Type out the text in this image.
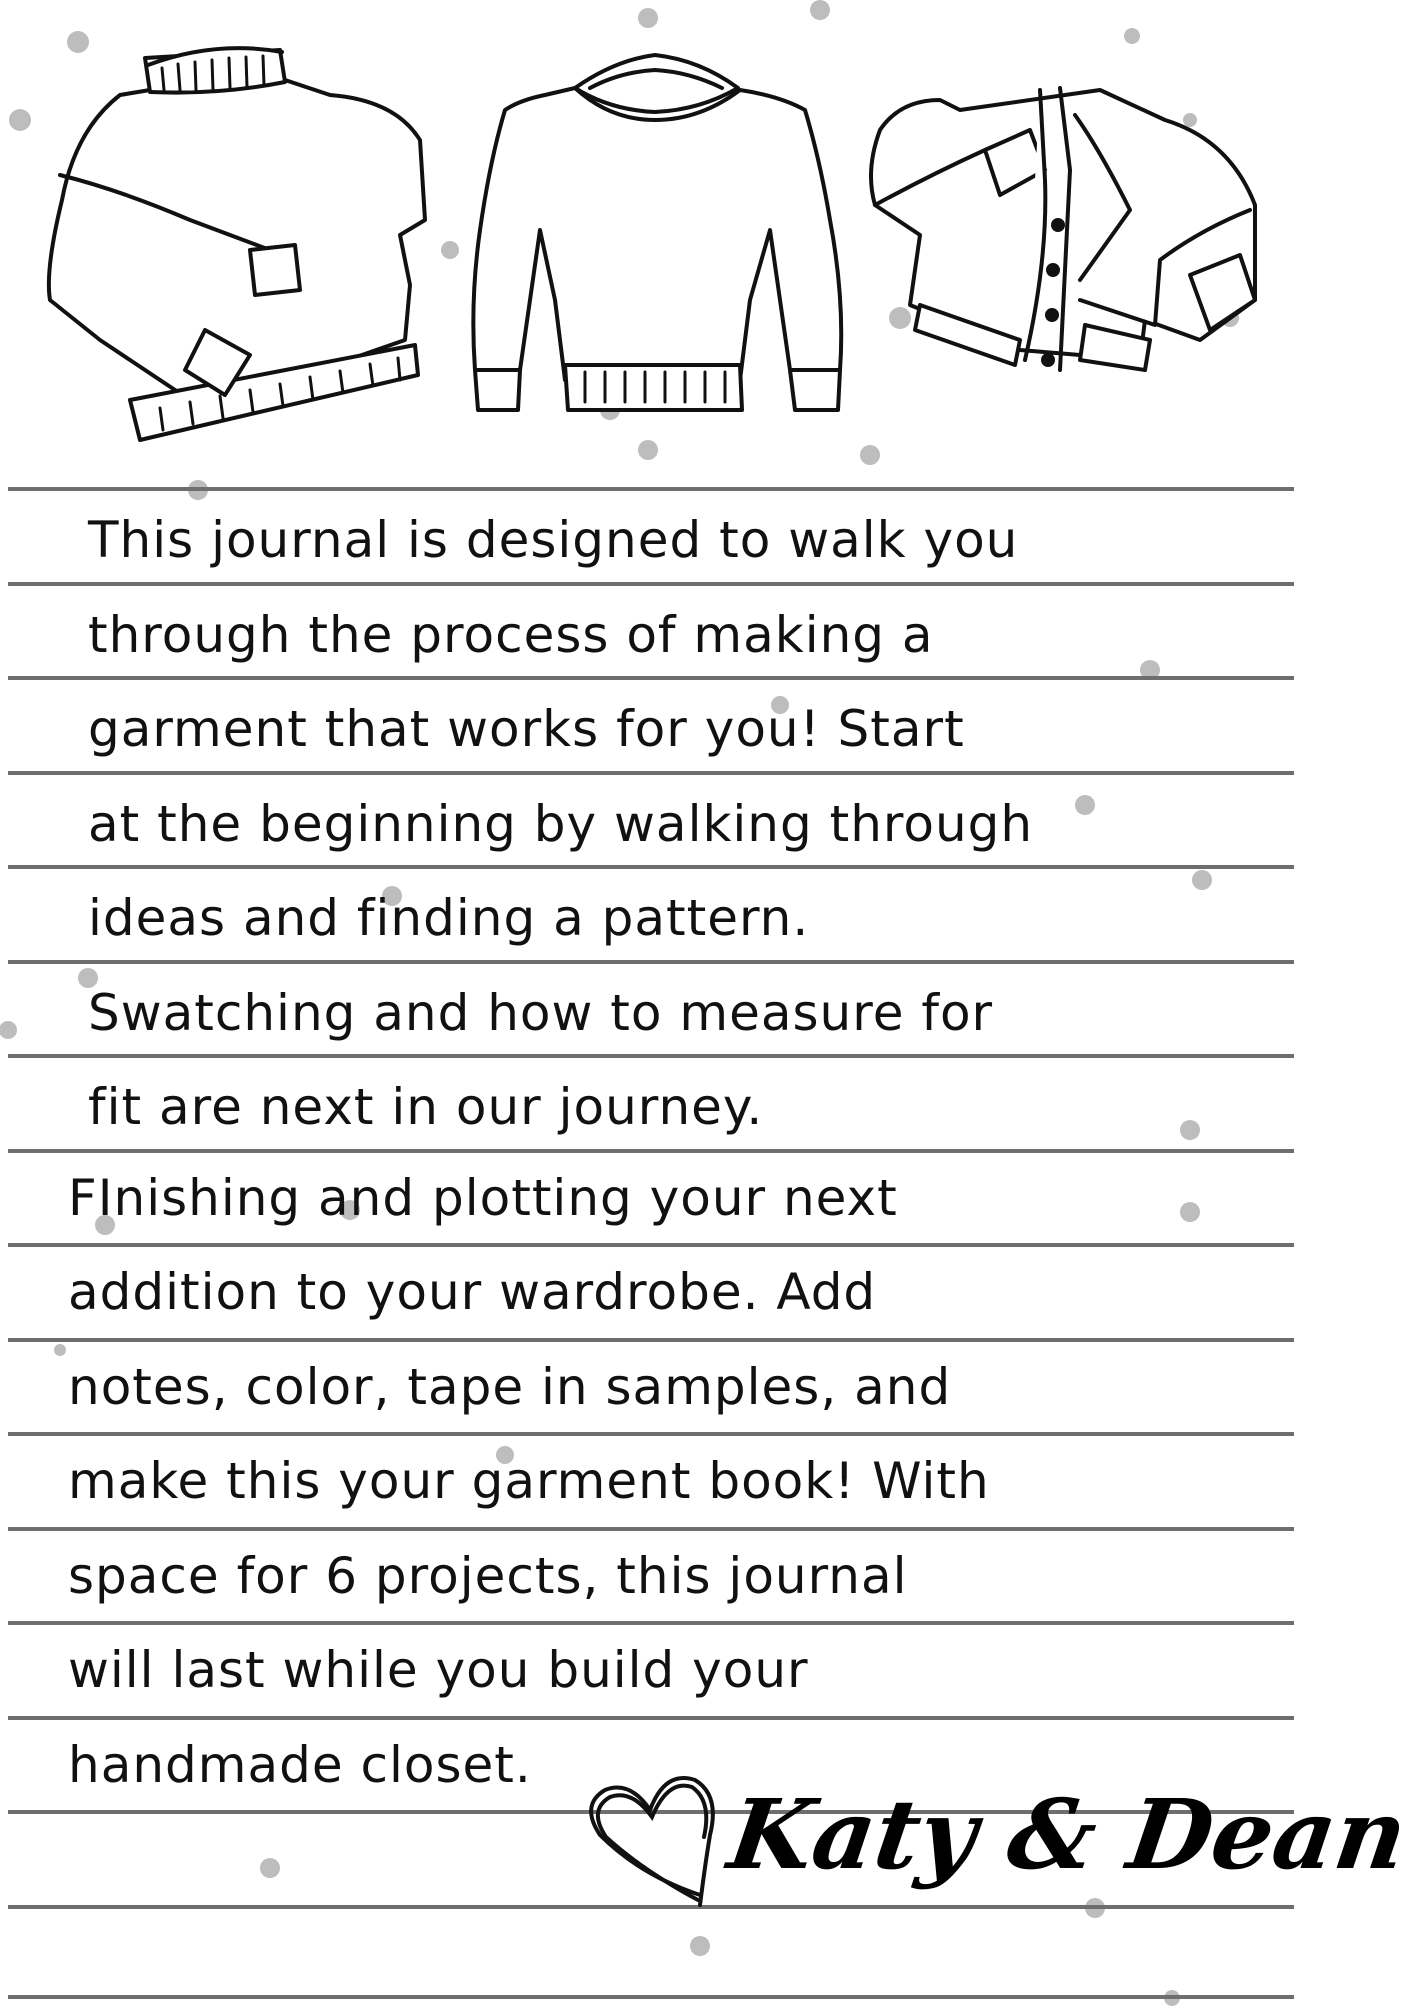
This journal is designed to walk you
through the process of making a
garment that works for you! Start
at the beginning by walking through
ideas and finding a pattern.
Swatching and how to measure for
fit are next in our journey.
FInishing and plotting your next
addition to your wardrobe. Add
notes, color, tape in samples, and
make this your garment book! With
space for 6 projects, this journal
will last while you build your
handmade closet.
Katy & Dean
